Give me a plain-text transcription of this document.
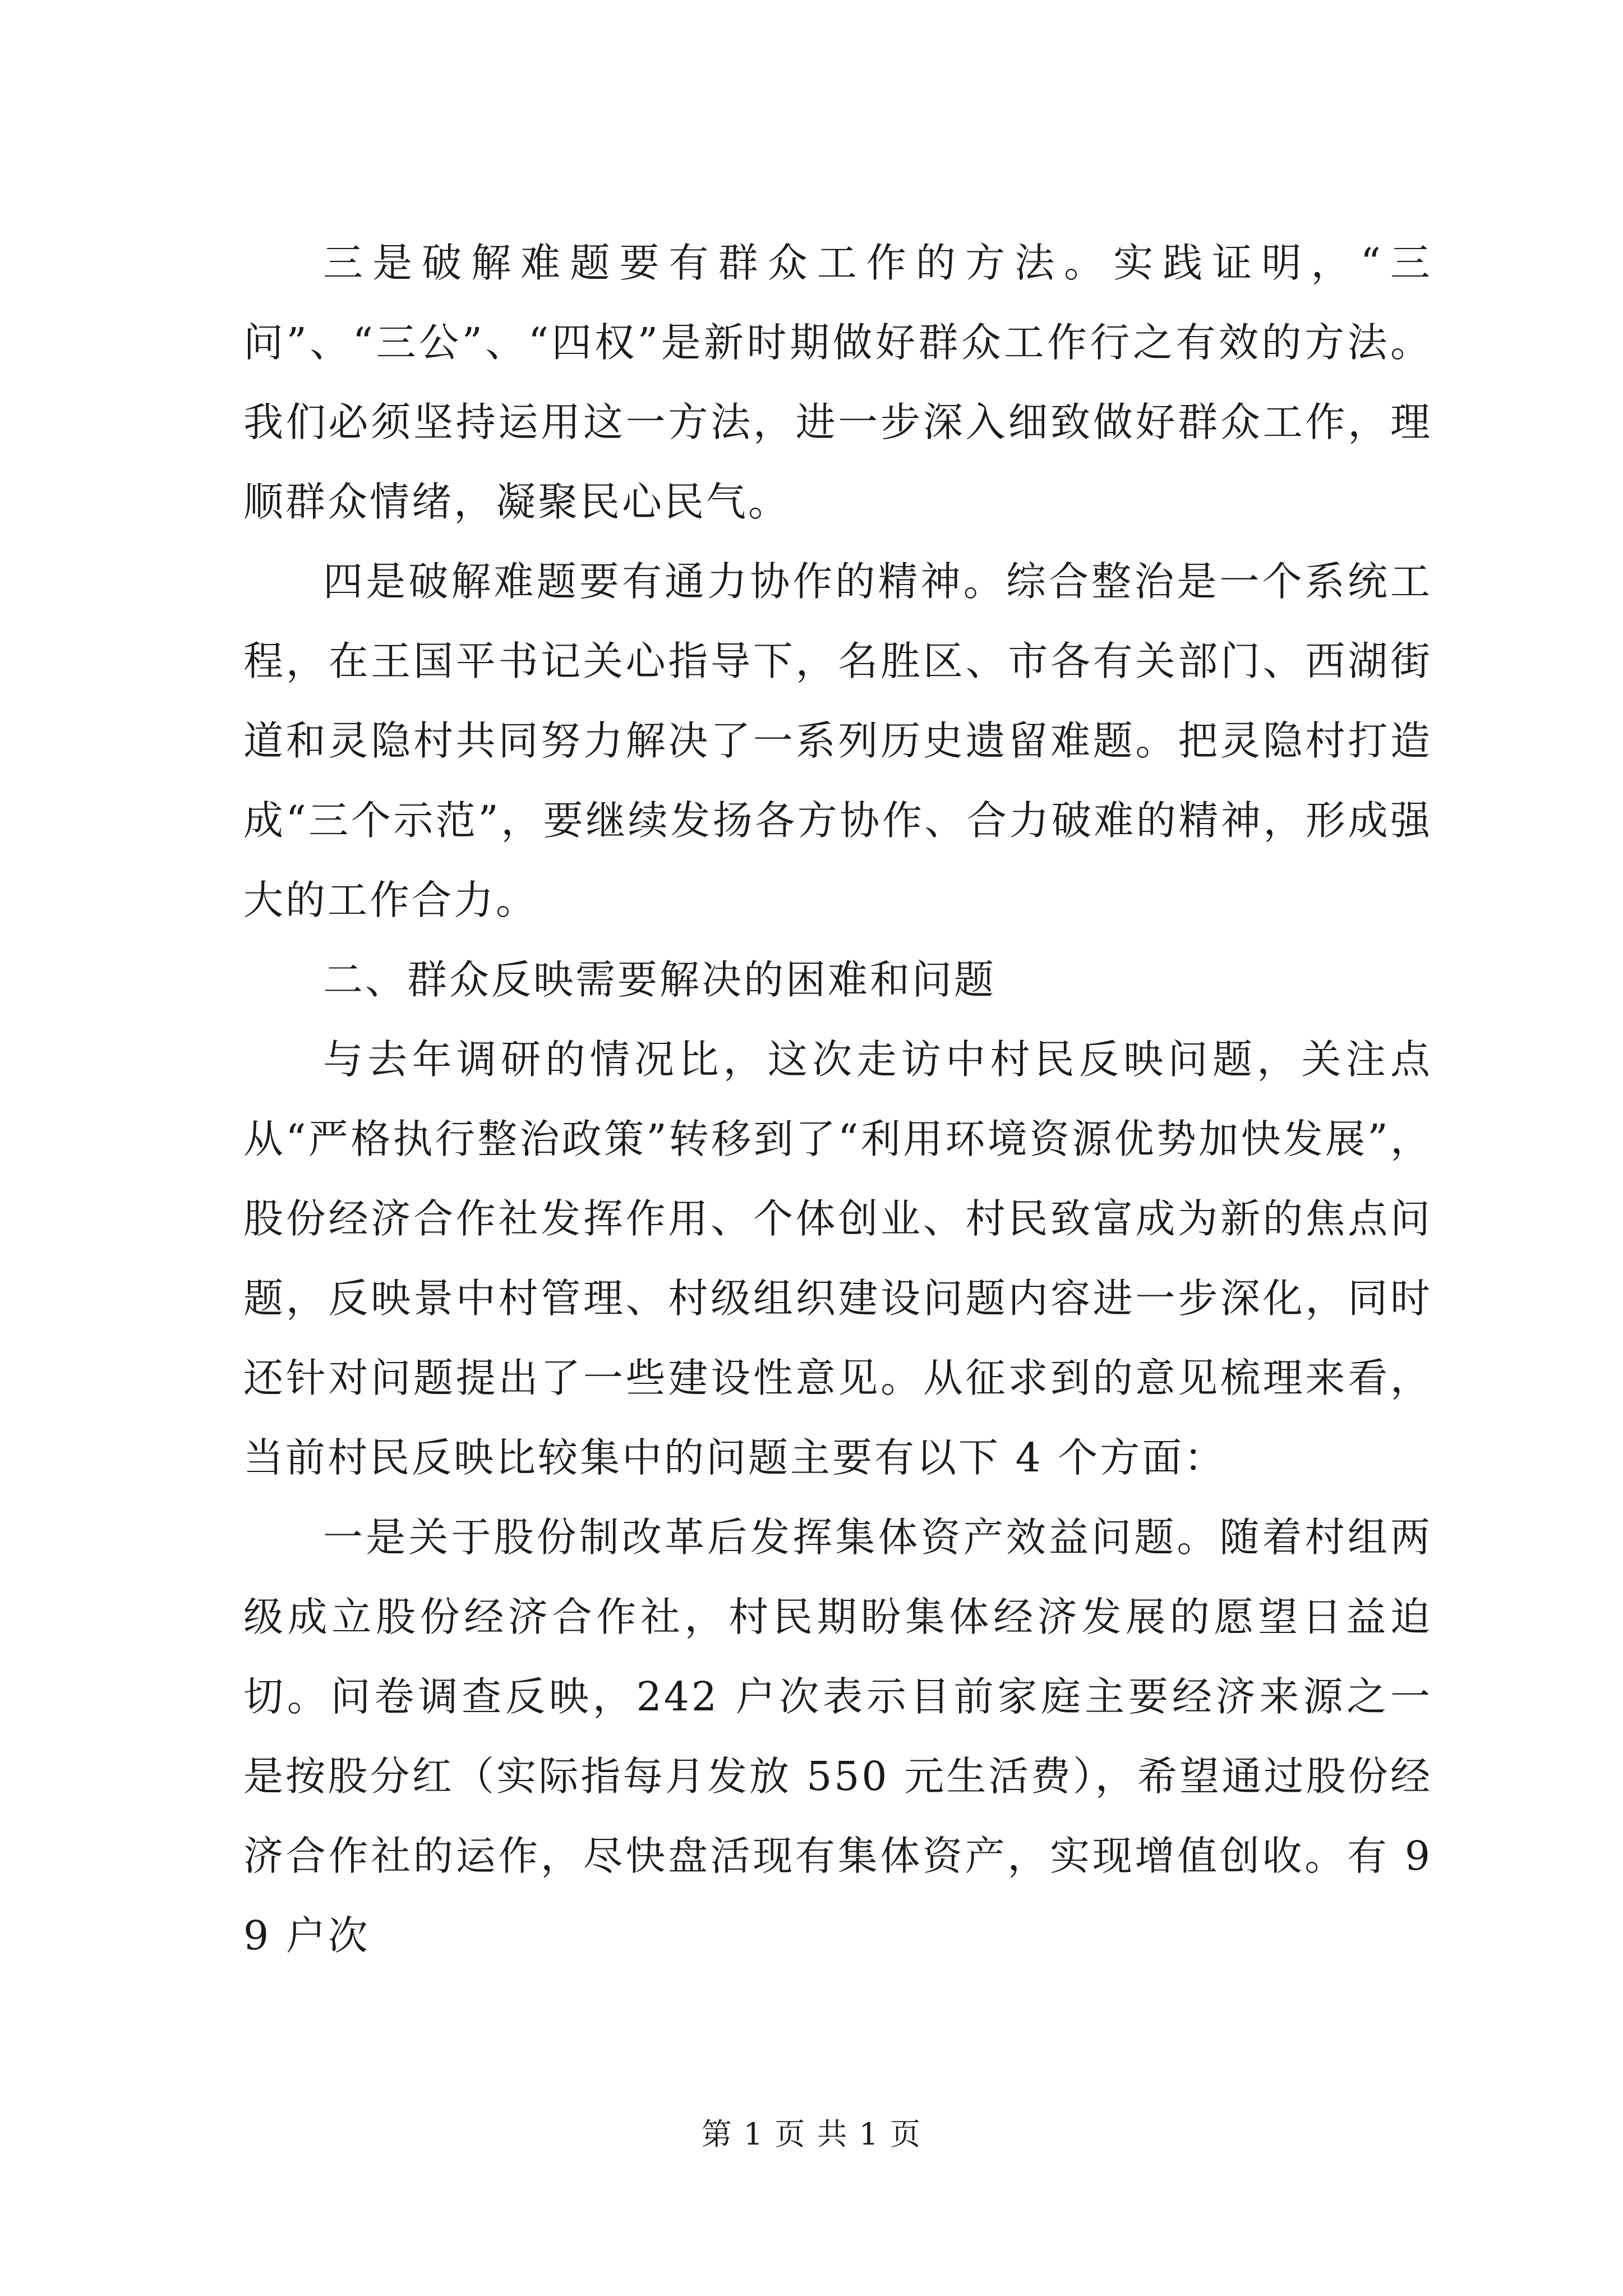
三是破解难题要有群众工作的方法。实践证明，“三问”、“三公”、“四权”是新时期做好群众工作行之有效的方法。我们必须坚持运用这一方法，进一步深入细致做好群众工作，理顺群众情绪，凝聚民心民气。

四是破解难题要有通力协作的精神。综合整治是一个系统工程，在王国平书记关心指导下，名胜区、市各有关部门、西湖街道和灵隐村共同努力解决了一系列历史遗留难题。把灵隐村打造成“三个示范”，要继续发扬各方协作、合力破难的精神，形成强大的工作合力。

二、群众反映需要解决的困难和问题

与去年调研的情况比，这次走访中村民反映问题，关注点从“严格执行整治政策”转移到了“利用环境资源优势加快发展”，股份经济合作社发挥作用、个体创业、村民致富成为新的焦点问题，反映景中村管理、村级组织建设问题内容进一步深化，同时还针对问题提出了一些建设性意见。从征求到的意见梳理来看，当前村民反映比较集中的问题主要有以下 4 个方面：

一是关于股份制改革后发挥集体资产效益问题。随着村组两级成立股份经济合作社，村民期盼集体经济发展的愿望日益迫切。问卷调查反映，242 户次表示目前家庭主要经济来源之一是按股分红（实际指每月发放 550 元生活费），希望通过股份经济合作社的运作，尽快盘活现有集体资产，实现增值创收。有 99 户次

第 1 页 共 1 页
